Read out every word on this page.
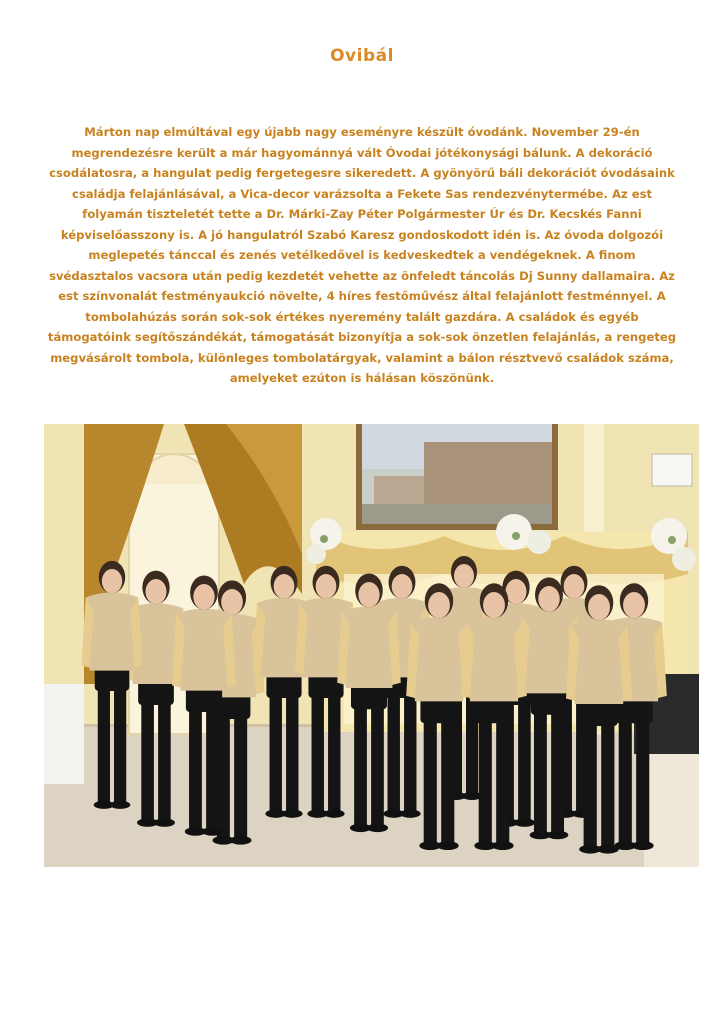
Ovibál
Márton nap elmúltával egy újabb nagy eseményre készült óvodánk. November 29-én megrendezésre került a már hagyománnyá vált Óvodai jótékonysági bálunk. A dekoráció csodálatosra, a hangulat pedig fergetegesre sikeredett. A gyönyörű báli dekorációt óvodásaink családja felajánlásával, a Vica-decor varázsolta a Fekete Sas rendezvénytermébe. Az est folyamán tiszteletét tette a Dr. Márki-Zay Péter Polgármester Úr és Dr. Kecskés Fanni képviselőasszony is. A jó hangulatról Szabó Karesz gondoskodott idén is. Az óvoda dolgozói meglepetés tánccal és zenés vetélkedővel is kedveskedtek a vendégeknek. A finom svédasztalos vacsora után pedig kezdetét vehette az önfeledt táncolás Dj Sunny dallamaira. Az est színvonalát festményaukció növelte, 4 híres festőművész által felajánlott festménnyel. A tombolahúzás során sok-sok értékes nyeremény talált gazdára. A családok és egyéb támogatóink segítőszándékát, támogatását bizonyítja a sok-sok önzetlen felajánlás, a rengeteg megvásárolt tombola, különleges tombolatárgyak, valamint a bálon résztvevő családok száma, amelyeket ezúton is hálásan köszönünk.
